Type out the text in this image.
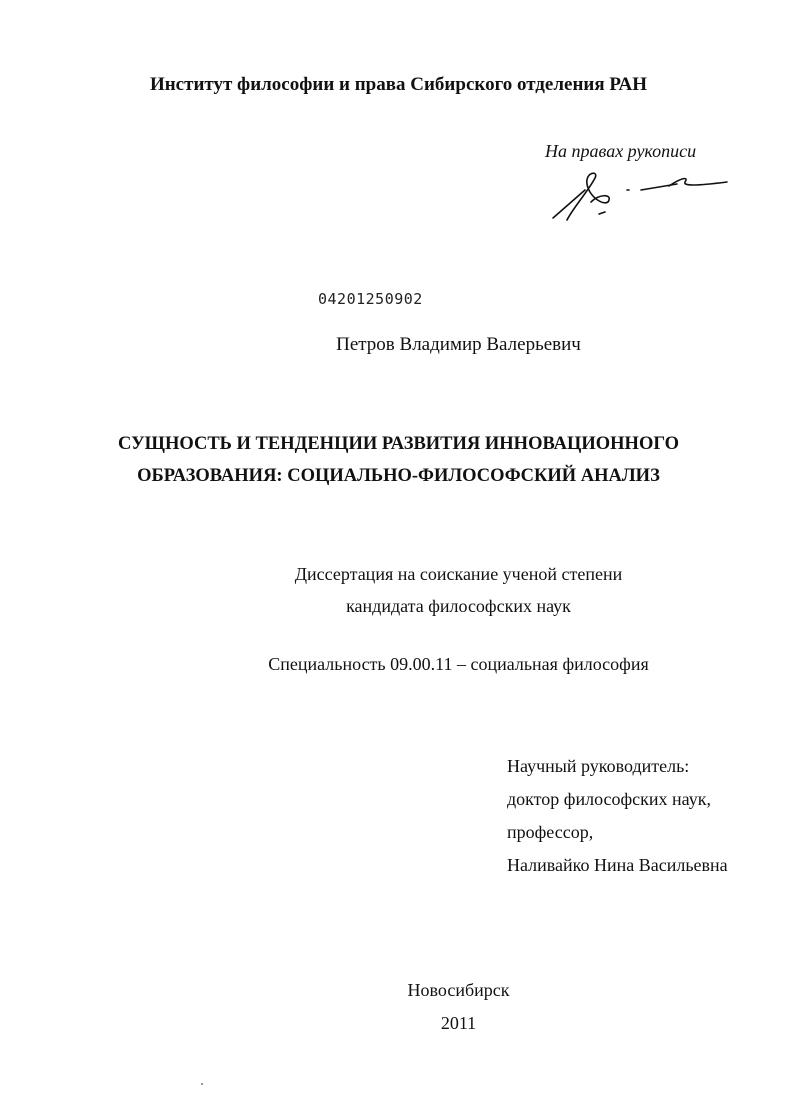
Институт философии и права Сибирского отделения РАН
На правах рукописи
04201250902
Петров Владимир Валерьевич
СУЩНОСТЬ И ТЕНДЕНЦИИ РАЗВИТИЯ ИННОВАЦИОННОГО
ОБРАЗОВАНИЯ: СОЦИАЛЬНО-ФИЛОСОФСКИЙ АНАЛИЗ
Диссертация на соискание ученой степени
кандидата философских наук
Специальность 09.00.11 – социальная философия
Научный руководитель:
доктор философских наук,
профессор,
Наливайко Нина Васильевна
Новосибирск
2011
